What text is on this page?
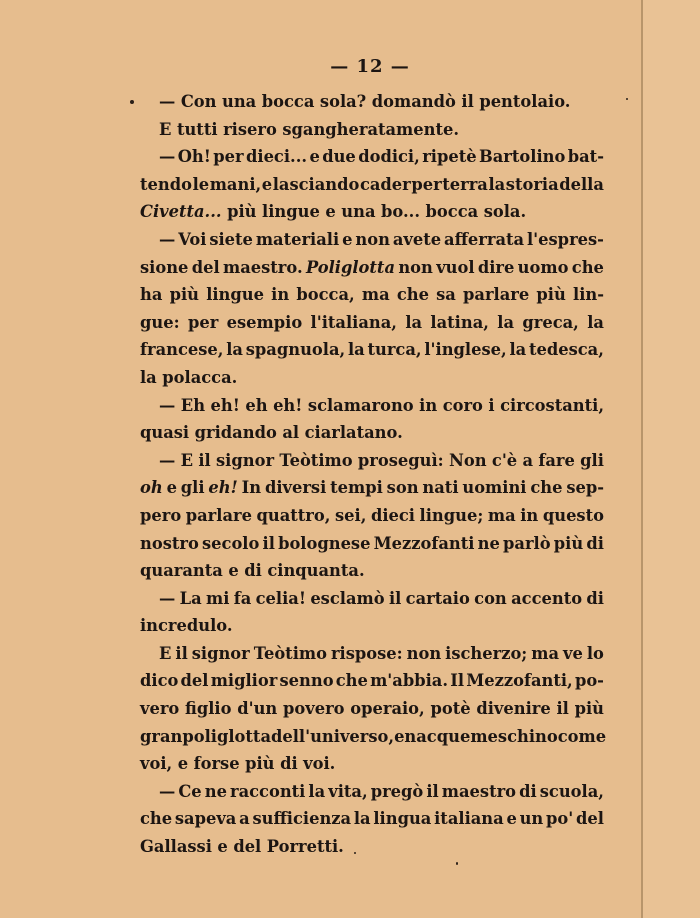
— 12 —
— Con una bocca sola? domandò il pentolaio.
E tutti risero sgangheratamente.
— Oh! per dieci... e due dodici, ripetè Bartolino bat-
tendo le mani, e lasciando cader per terra la storia della
Civetta... più lingue e una bo... bocca sola.
— Voi siete materiali e non avete afferrata l'espres-
sione del maestro. Poliglotta non vuol dire uomo che
ha più lingue in bocca, ma che sa parlare più lin-
gue: per esempio l'italiana, la latina, la greca, la
francese, la spagnuola, la turca, l'inglese, la tedesca,
la polacca.
— Eh eh! eh eh! sclamarono in coro i circostanti,
quasi gridando al ciarlatano.
— E il signor Teòtimo proseguì: Non c'è a fare gli
oh e gli eh! In diversi tempi son nati uomini che sep-
pero parlare quattro, sei, dieci lingue; ma in questo
nostro secolo il bolognese Mezzofanti ne parlò più di
quaranta e di cinquanta.
— La mi fa celia! esclamò il cartaio con accento di
incredulo.
E il signor Teòtimo rispose: non ischerzo; ma ve lo
dico del miglior senno che m'abbia. Il Mezzofanti, po-
vero figlio d'un povero operaio, potè divenire il più
gran poliglotta dell'universo, e nacque meschino come
voi, e forse più di voi.
— Ce ne racconti la vita, pregò il maestro di scuola,
che sapeva a sufficienza la lingua italiana e un po' del
Gallassi e del Porretti.
